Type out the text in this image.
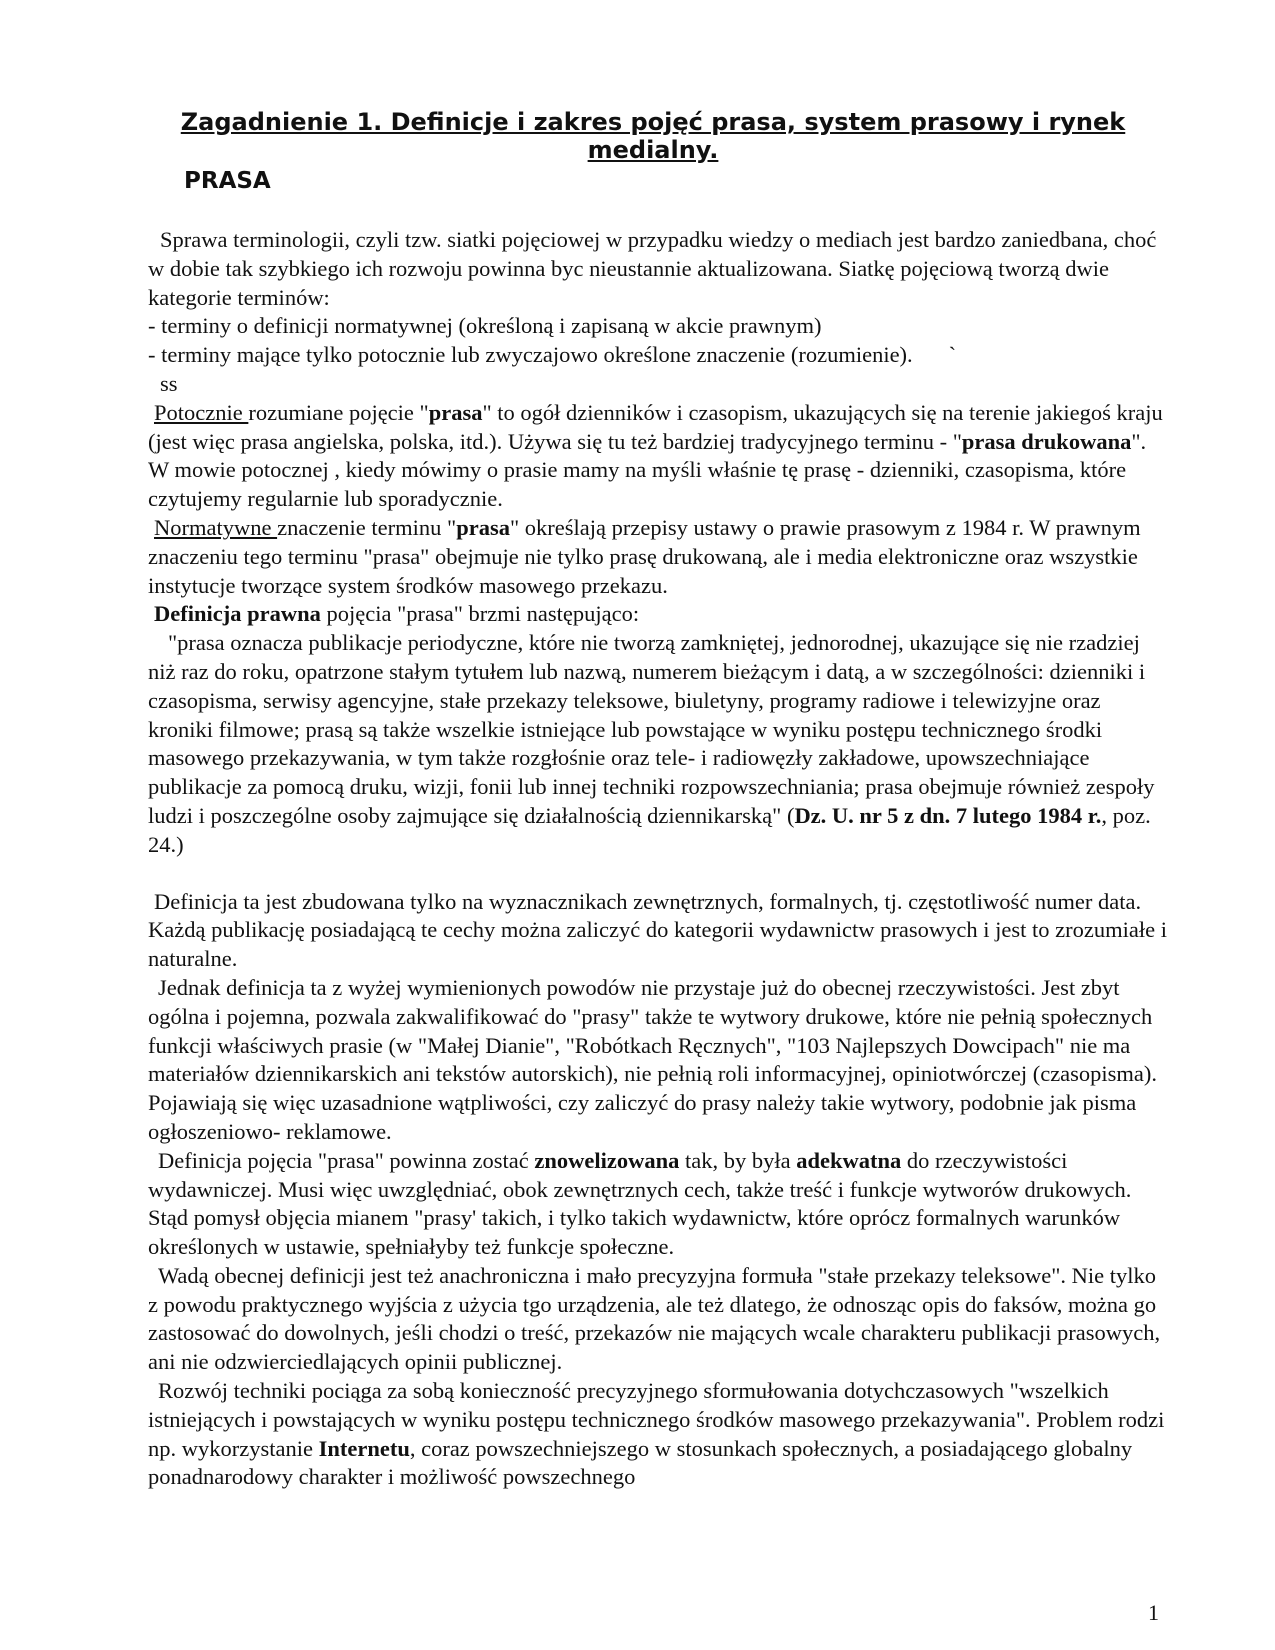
Zagadnienie 1. Definicje i zakres pojęć prasa, system prasowy i rynek medialny.
PRASA

Sprawa terminologii, czyli tzw. siatki pojęciowej w przypadku wiedzy o mediach jest bardzo zaniedbana, choć w dobie tak szybkiego ich rozwoju powinna byc nieustannie aktualizowana. Siatkę pojęciową tworzą dwie kategorie terminów:

- terminy o definicji normatywnej (określoną i zapisaną w akcie prawnym)

- terminy mające tylko potocznie lub zwyczajowo określone znaczenie (rozumienie). `

ss

Potocznie rozumiane pojęcie "prasa" to ogół dzienników i czasopism, ukazujących się na terenie jakiegoś kraju (jest więc prasa angielska, polska, itd.). Używa się tu też bardziej tradycyjnego terminu - "prasa drukowana". W mowie potocznej , kiedy mówimy o prasie mamy na myśli właśnie tę prasę - dzienniki, czasopisma, które czytujemy regularnie lub sporadycznie.

Normatywne znaczenie terminu "prasa" określają przepisy ustawy o prawie prasowym z 1984 r. W prawnym znaczeniu tego terminu "prasa" obejmuje nie tylko prasę drukowaną, ale i media elektroniczne oraz wszystkie instytucje tworzące system środków masowego przekazu.

Definicja prawna pojęcia "prasa" brzmi następująco:

"prasa oznacza publikacje periodyczne, które nie tworzą zamkniętej, jednorodnej, ukazujące się nie rzadziej niż raz do roku, opatrzone stałym tytułem lub nazwą, numerem bieżącym i datą, a w szczególności: dzienniki i czasopisma, serwisy agencyjne, stałe przekazy teleksowe, biuletyny, programy radiowe i telewizyjne oraz kroniki filmowe; prasą są także wszelkie istniejące lub powstające w wyniku postępu technicznego środki masowego przekazywania, w tym także rozgłośnie oraz tele- i radiowęzły zakładowe, upowszechniające publikacje za pomocą druku, wizji, fonii lub innej techniki rozpowszechniania; prasa obejmuje również zespoły ludzi i poszczególne osoby zajmujące się działalnością dziennikarską" (Dz. U. nr 5 z dn. 7 lutego 1984 r., poz. 24.)

Definicja ta jest zbudowana tylko na wyznacznikach zewnętrznych, formalnych, tj. częstotliwość numer data. Każdą publikację posiadającą te cechy można zaliczyć do kategorii wydawnictw prasowych i jest to zrozumiałe i naturalne.

Jednak definicja ta z wyżej wymienionych powodów nie przystaje już do obecnej rzeczywistości. Jest zbyt ogólna i pojemna, pozwala zakwalifikować do "prasy" także te wytwory drukowe, które nie pełnią społecznych funkcji właściwych prasie (w "Małej Dianie", "Robótkach Ręcznych", "103 Najlepszych Dowcipach" nie ma materiałów dziennikarskich ani tekstów autorskich), nie pełnią roli informacyjnej, opiniotwórczej (czasopisma). Pojawiają się więc uzasadnione wątpliwości, czy zaliczyć do prasy należy takie wytwory, podobnie jak pisma ogłoszeniowo- reklamowe.

Definicja pojęcia "prasa" powinna zostać znowelizowana tak, by była adekwatna do rzeczywistości wydawniczej. Musi więc uwzględniać, obok zewnętrznych cech, także treść i funkcje wytworów drukowych. Stąd pomysł objęcia mianem "prasy' takich, i tylko takich wydawnictw, które oprócz formalnych warunków określonych w ustawie, spełniałyby też funkcje społeczne.

Wadą obecnej definicji jest też anachroniczna i mało precyzyjna formuła "stałe przekazy teleksowe". Nie tylko z powodu praktycznego wyjścia z użycia tgo urządzenia, ale też dlatego, że odnosząc opis do faksów, można go zastosować do dowolnych, jeśli chodzi o treść, przekazów nie mających wcale charakteru publikacji prasowych, ani nie odzwierciedlających opinii publicznej.

Rozwój techniki pociąga za sobą konieczność precyzyjnego sformułowania dotychczasowych "wszelkich istniejących i powstających w wyniku postępu technicznego środków masowego przekazywania". Problem rodzi np. wykorzystanie Internetu, coraz powszechniejszego w stosunkach społecznych, a posiadającego globalny ponadnarodowy charakter i możliwość powszechnego

1
